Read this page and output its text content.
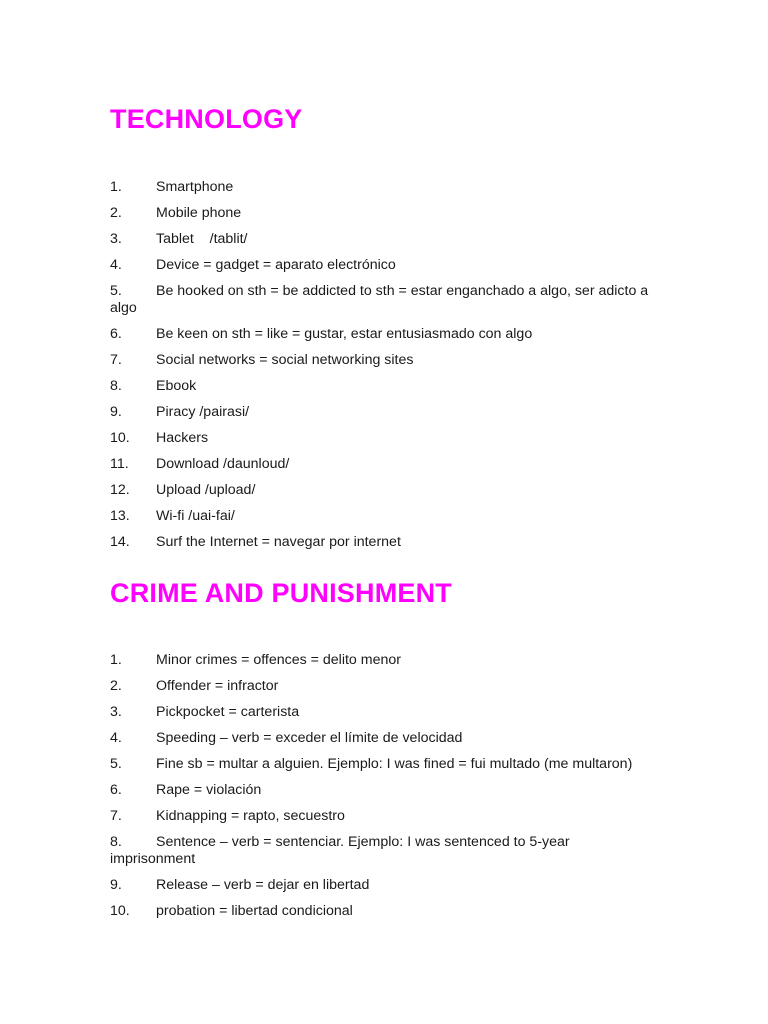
TECHNOLOGY
1. Smartphone
2. Mobile phone
3. Tablet    /tablit/
4. Device = gadget = aparato electrónico
5. Be hooked on sth = be addicted to sth = estar enganchado a algo, ser adicto a algo
6. Be keen on sth = like = gustar, estar entusiasmado con algo
7. Social networks = social networking sites
8. Ebook
9. Piracy /pairasi/
10. Hackers
11. Download /daunloud/
12. Upload /upload/
13. Wi-fi /uai-fai/
14. Surf the Internet = navegar por internet
CRIME AND PUNISHMENT
1. Minor crimes = offences = delito menor
2. Offender = infractor
3. Pickpocket = carterista
4. Speeding – verb = exceder el límite de velocidad
5. Fine sb = multar a alguien. Ejemplo: I was fined = fui multado (me multaron)
6. Rape = violación
7. Kidnapping = rapto, secuestro
8. Sentence – verb = sentenciar. Ejemplo: I was sentenced to 5-year imprisonment
9. Release – verb = dejar en libertad
10. probation = libertad condicional
